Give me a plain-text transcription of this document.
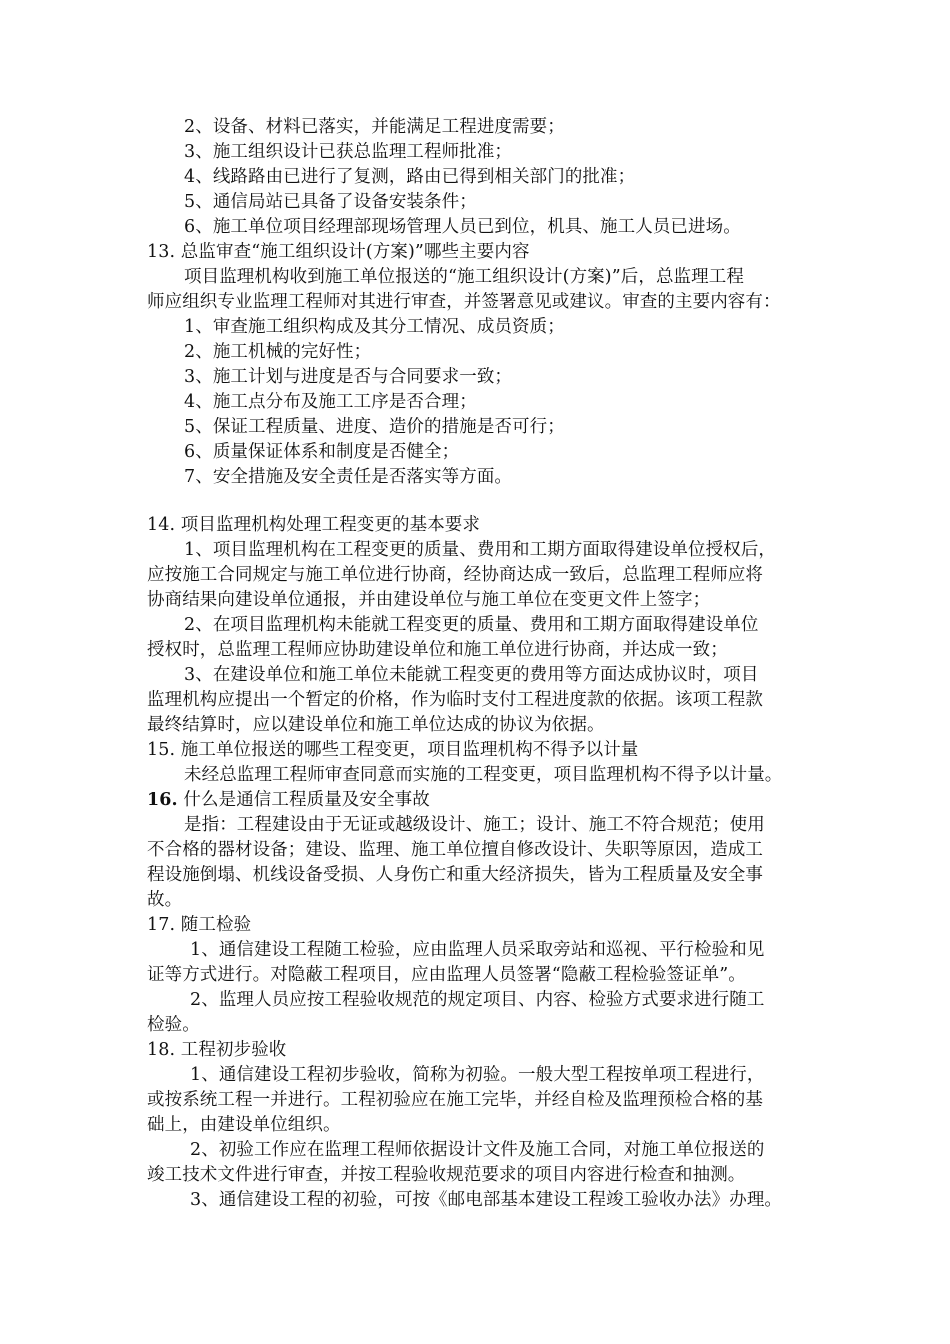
2、设备、材料已落实，并能满足工程进度需要；
3、施工组织设计已获总监理工程师批准；
4、线路路由已进行了复测，路由已得到相关部门的批准；
5、通信局站已具备了设备安装条件；
6、施工单位项目经理部现场管理人员已到位，机具、施工人员已进场。
13. 总监审查“施工组织设计(方案)”哪些主要内容
项目监理机构收到施工单位报送的“施工组织设计(方案)”后，总监理工程
师应组织专业监理工程师对其进行审查，并签署意见或建议。审查的主要内容有：
1、审查施工组织构成及其分工情况、成员资质；
2、施工机械的完好性；
3、施工计划与进度是否与合同要求一致；
4、施工点分布及施工工序是否合理；
5、保证工程质量、进度、造价的措施是否可行；
6、质量保证体系和制度是否健全；
7、安全措施及安全责任是否落实等方面。
14. 项目监理机构处理工程变更的基本要求
1、项目监理机构在工程变更的质量、费用和工期方面取得建设单位授权后，
应按施工合同规定与施工单位进行协商，经协商达成一致后，总监理工程师应将
协商结果向建设单位通报，并由建设单位与施工单位在变更文件上签字；
2、在项目监理机构未能就工程变更的质量、费用和工期方面取得建设单位
授权时，总监理工程师应协助建设单位和施工单位进行协商，并达成一致；
3、在建设单位和施工单位未能就工程变更的费用等方面达成协议时，项目
监理机构应提出一个暂定的价格，作为临时支付工程进度款的依据。该项工程款
最终结算时，应以建设单位和施工单位达成的协议为依据。
15. 施工单位报送的哪些工程变更，项目监理机构不得予以计量
未经总监理工程师审查同意而实施的工程变更，项目监理机构不得予以计量。
16. 什么是通信工程质量及安全事故
是指：工程建设由于无证或越级设计、施工；设计、施工不符合规范；使用
不合格的器材设备；建设、监理、施工单位擅自修改设计、失职等原因，造成工
程设施倒塌、机线设备受损、人身伤亡和重大经济损失，皆为工程质量及安全事
故。
17. 随工检验
1、通信建设工程随工检验，应由监理人员采取旁站和巡视、平行检验和见
证等方式进行。对隐蔽工程项目，应由监理人员签署“隐蔽工程检验签证单”。
2、监理人员应按工程验收规范的规定项目、内容、检验方式要求进行随工
检验。
18. 工程初步验收
1、通信建设工程初步验收，简称为初验。一般大型工程按单项工程进行，
或按系统工程一并进行。工程初验应在施工完毕，并经自检及监理预检合格的基
础上，由建设单位组织。
2、初验工作应在监理工程师依据设计文件及施工合同，对施工单位报送的
竣工技术文件进行审查，并按工程验收规范要求的项目内容进行检查和抽测。
3、通信建设工程的初验，可按《邮电部基本建设工程竣工验收办法》办理。
